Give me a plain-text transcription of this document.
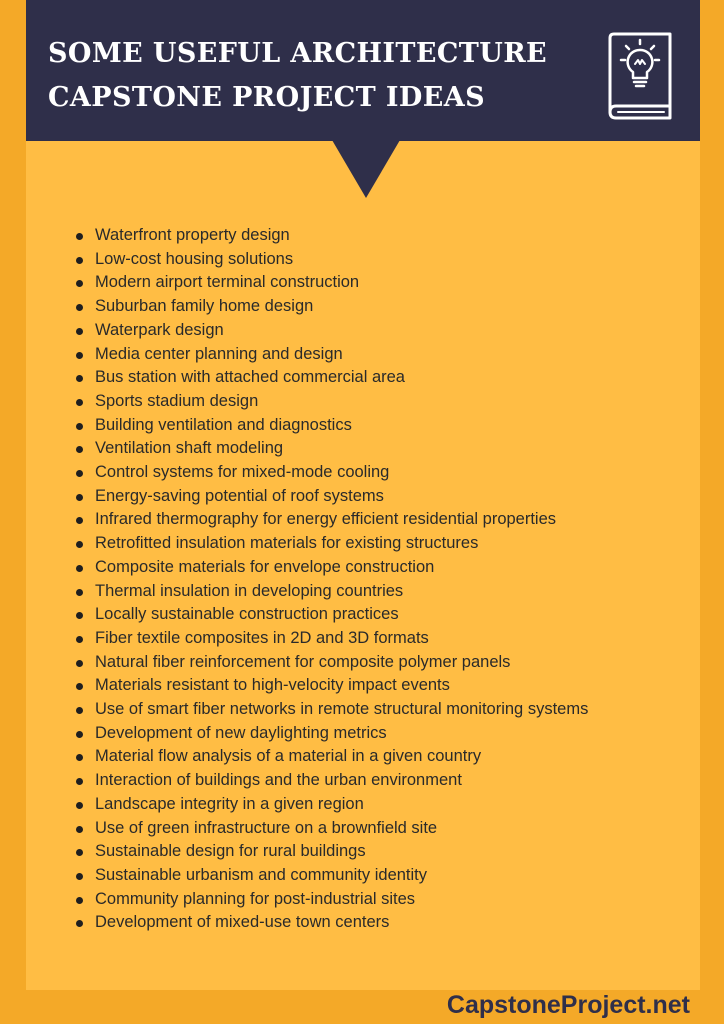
SOME USEFUL ARCHITECTURE CAPSTONE PROJECT IDEAS
Waterfront property design
Low-cost housing solutions
Modern airport terminal construction
Suburban family home design
Waterpark design
Media center planning and design
Bus station with attached commercial area
Sports stadium design
Building ventilation and diagnostics
Ventilation shaft modeling
Control systems for mixed-mode cooling
Energy-saving potential of roof systems
Infrared thermography for energy efficient residential properties
Retrofitted insulation materials for existing structures
Composite materials for envelope construction
Thermal insulation in developing countries
Locally sustainable construction practices
Fiber textile composites in 2D and 3D formats
Natural fiber reinforcement for composite polymer panels
Materials resistant to high-velocity impact events
Use of smart fiber networks in remote structural monitoring systems
Development of new daylighting metrics
Material flow analysis of a material in a given country
Interaction of buildings and the urban environment
Landscape integrity in a given region
Use of green infrastructure on a brownfield site
Sustainable design for rural buildings
Sustainable urbanism and community identity
Community planning for post-industrial sites
Development of mixed-use town centers

CapstoneProject.net
